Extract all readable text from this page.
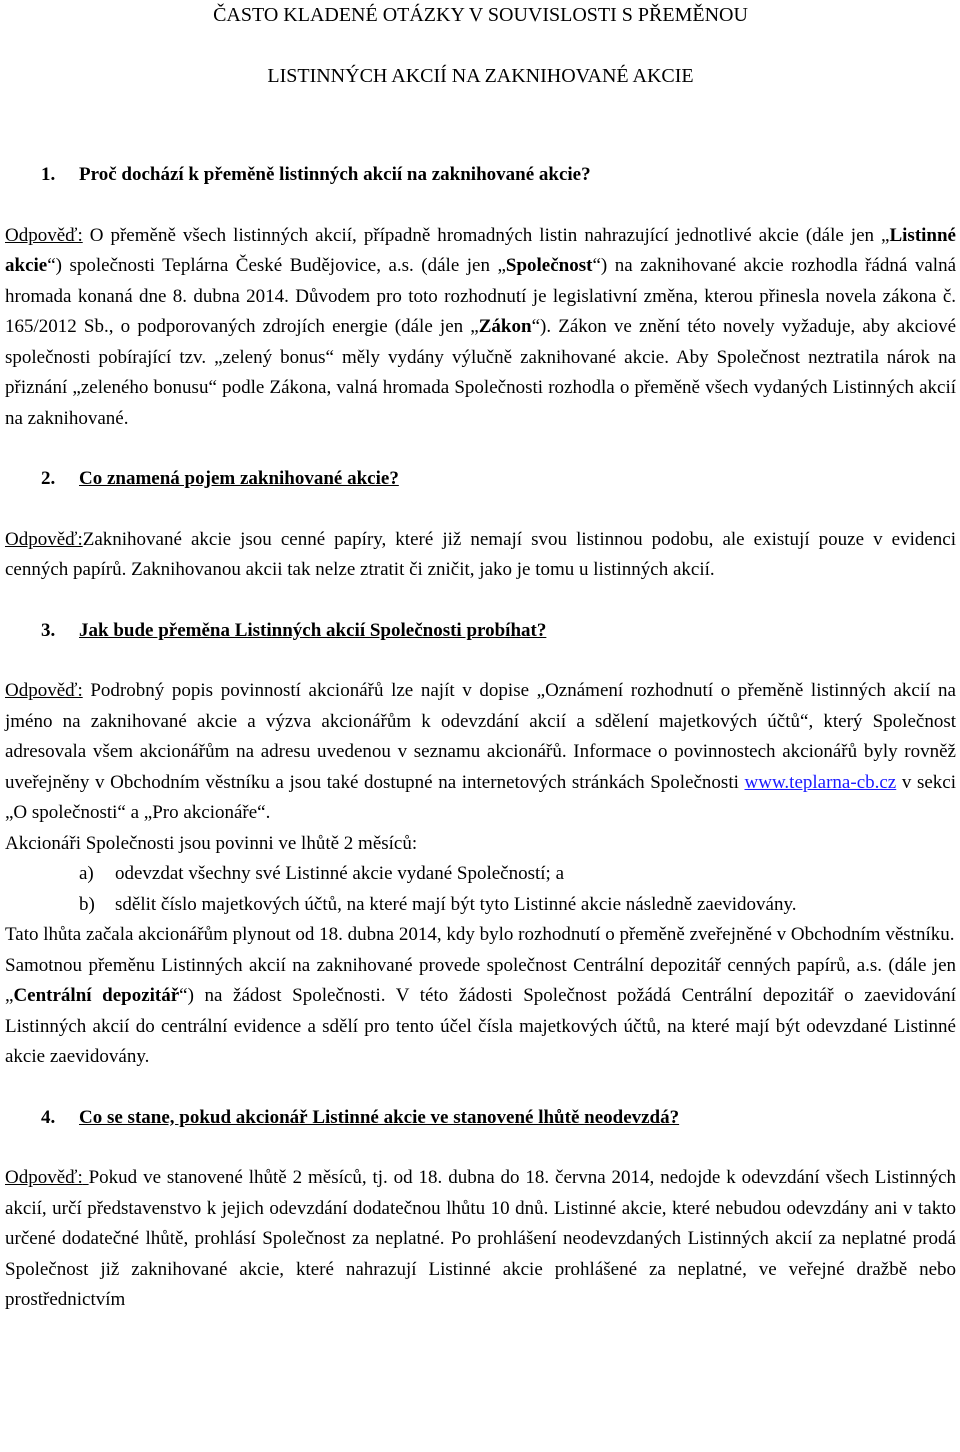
ČASTO KLADENÉ OTÁZKY V SOUVISLOSTI S PŘEMĚNOU
LISTINNÝCH AKCIÍ NA ZAKNIHOVANÉ AKCIE
1.	Proč dochází k přeměně listinných akcií na zaknihované akcie?

Odpověď: O přeměně všech listinných akcií, případně hromadných listin nahrazující jednotlivé akcie (dále jen „Listinné akcie“) společnosti Teplárna České Budějovice, a.s. (dále jen „Společnost“) na zaknihované akcie rozhodla řádná valná hromada konaná dne 8. dubna 2014. Důvodem pro toto rozhodnutí je legislativní změna, kterou přinesla novela zákona č. 165/2012 Sb., o podporovaných zdrojích energie (dále jen „Zákon“). Zákon ve znění této novely vyžaduje, aby akciové společnosti pobírající tzv. „zelený bonus“ měly vydány výlučně zaknihované akcie. Aby Společnost neztratila nárok na přiznání „zeleného bonusu“ podle Zákona, valná hromada Společnosti rozhodla o přeměně všech vydaných Listinných akcií na zaknihované.

2.	Co znamená pojem zaknihované akcie?

Odpověď:Zaknihované akcie jsou cenné papíry, které již nemají svou listinnou podobu, ale existují pouze v evidenci cenných papírů. Zaknihovanou akcii tak nelze ztratit či zničit, jako je tomu u listinných akcií.

3.	Jak bude přeměna Listinných akcií Společnosti probíhat?

Odpověď: Podrobný popis povinností akcionářů lze najít v dopise „Oznámení rozhodnutí o přeměně listinných akcií na jméno na zaknihované akcie a výzva akcionářům k odevzdání akcií a sdělení majetkových účtů“, který Společnost adresovala všem akcionářům na adresu uvedenou v seznamu akcionářů. Informace o povinnostech akcionářů byly rovněž uveřejněny v Obchodním věstníku a jsou také dostupné na internetových stránkách Společnosti www.teplarna-cb.cz v sekci „O společnosti“ a „Pro akcionáře“.

Akcionáři Společnosti jsou povinni ve lhůtě 2 měsíců:

a)	odevzdat všechny své Listinné akcie vydané Společností; a
b)	sdělit číslo majetkových účtů, na které mají být tyto Listinné akcie následně zaevidovány.

Tato lhůta začala akcionářům plynout od 18. dubna 2014, kdy bylo rozhodnutí o přeměně zveřejněné v Obchodním věstníku.

Samotnou přeměnu Listinných akcií na zaknihované provede společnost Centrální depozitář cenných papírů, a.s. (dále jen „Centrální depozitář“) na žádost Společnosti. V této žádosti Společnost požádá Centrální depozitář o zaevidování Listinných akcií do centrální evidence a sdělí pro tento účel čísla majetkových účtů, na které mají být odevzdané Listinné akcie zaevidovány.

4.	Co se stane, pokud akcionář Listinné akcie ve stanovené lhůtě neodevzdá?

Odpověď: Pokud ve stanovené lhůtě 2 měsíců, tj. od 18. dubna do 18. června 2014, nedojde k odevzdání všech Listinných akcií, určí představenstvo k jejich odevzdání dodatečnou lhůtu 10 dnů. Listinné akcie, které nebudou odevzdány ani v takto určené dodatečné lhůtě, prohlásí Společnost za neplatné. Po prohlášení neodevzdaných Listinných akcií za neplatné prodá Společnost již zaknihované akcie, které nahrazují Listinné akcie prohlášené za neplatné, ve veřejné dražbě nebo prostřednictvím
